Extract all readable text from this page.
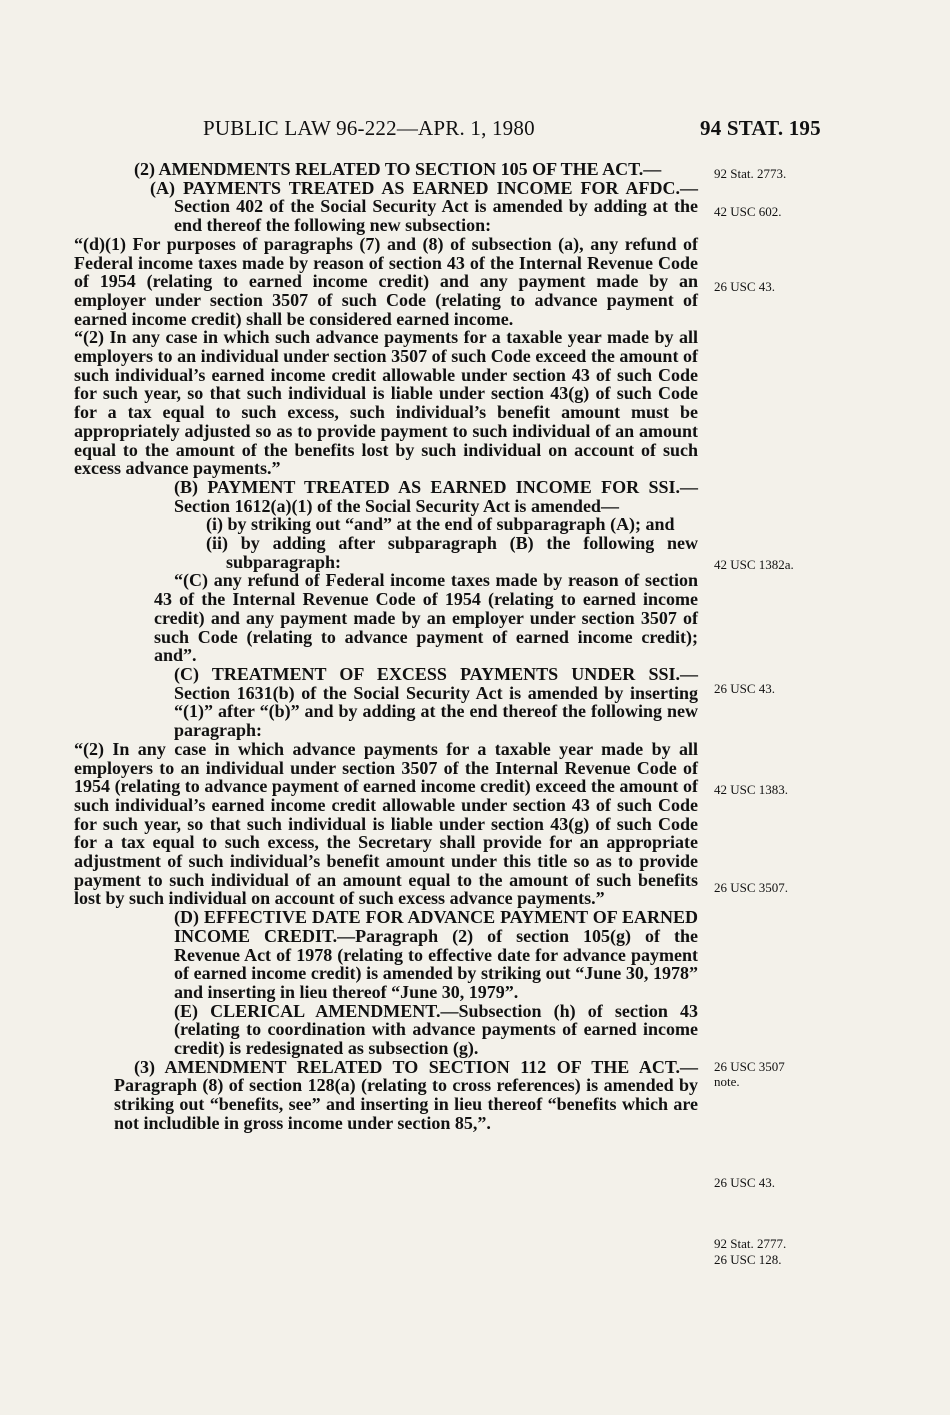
PUBLIC LAW 96-222—APR. 1, 1980	94 STAT. 195

(2) AMENDMENTS RELATED TO SECTION 105 OF THE ACT.—

(A) PAYMENTS TREATED AS EARNED INCOME FOR AFDC.—Section 402 of the Social Security Act is amended by adding at the end thereof the following new subsection:

“(d)(1) For purposes of paragraphs (7) and (8) of subsection (a), any refund of Federal income taxes made by reason of section 43 of the Internal Revenue Code of 1954 (relating to earned income credit) and any payment made by an employer under section 3507 of such Code (relating to advance payment of earned income credit) shall be considered earned income.

“(2) In any case in which such advance payments for a taxable year made by all employers to an individual under section 3507 of such Code exceed the amount of such individual’s earned income credit allowable under section 43 of such Code for such year, so that such individual is liable under section 43(g) of such Code for a tax equal to such excess, such individual’s benefit amount must be appropriately adjusted so as to provide payment to such individual of an amount equal to the amount of the benefits lost by such individual on account of such excess advance payments.”

(B) PAYMENT TREATED AS EARNED INCOME FOR SSI.—Section 1612(a)(1) of the Social Security Act is amended—

(i) by striking out “and” at the end of subparagraph (A); and

(ii) by adding after subparagraph (B) the following new subparagraph:

“(C) any refund of Federal income taxes made by reason of section 43 of the Internal Revenue Code of 1954 (relating to earned income credit) and any payment made by an employer under section 3507 of such Code (relating to advance payment of earned income credit); and”.

(C) TREATMENT OF EXCESS PAYMENTS UNDER SSI.—Section 1631(b) of the Social Security Act is amended by inserting “(1)” after “(b)” and by adding at the end thereof the following new paragraph:

“(2) In any case in which advance payments for a taxable year made by all employers to an individual under section 3507 of the Internal Revenue Code of 1954 (relating to advance payment of earned income credit) exceed the amount of such individual’s earned income credit allowable under section 43 of such Code for such year, so that such individual is liable under section 43(g) of such Code for a tax equal to such excess, the Secretary shall provide for an appropriate adjustment of such individual’s benefit amount under this title so as to provide payment to such individual of an amount equal to the amount of such benefits lost by such individual on account of such excess advance payments.”

(D) EFFECTIVE DATE FOR ADVANCE PAYMENT OF EARNED INCOME CREDIT.—Paragraph (2) of section 105(g) of the Revenue Act of 1978 (relating to effective date for advance payment of earned income credit) is amended by striking out “June 30, 1978” and inserting in lieu thereof “June 30, 1979”.

(E) CLERICAL AMENDMENT.—Subsection (h) of section 43 (relating to coordination with advance payments of earned income credit) is redesignated as subsection (g).

(3) AMENDMENT RELATED TO SECTION 112 OF THE ACT.—Paragraph (8) of section 128(a) (relating to cross references) is amended by striking out “benefits, see” and inserting in lieu thereof “benefits which are not includible in gross income under section 85,”.

92 Stat. 2773.
42 USC 602.
26 USC 43.
42 USC 1382a.
26 USC 43.
42 USC 1383.
26 USC 3507.
26 USC 3507 note.
26 USC 43.
92 Stat. 2777.
26 USC 128.
